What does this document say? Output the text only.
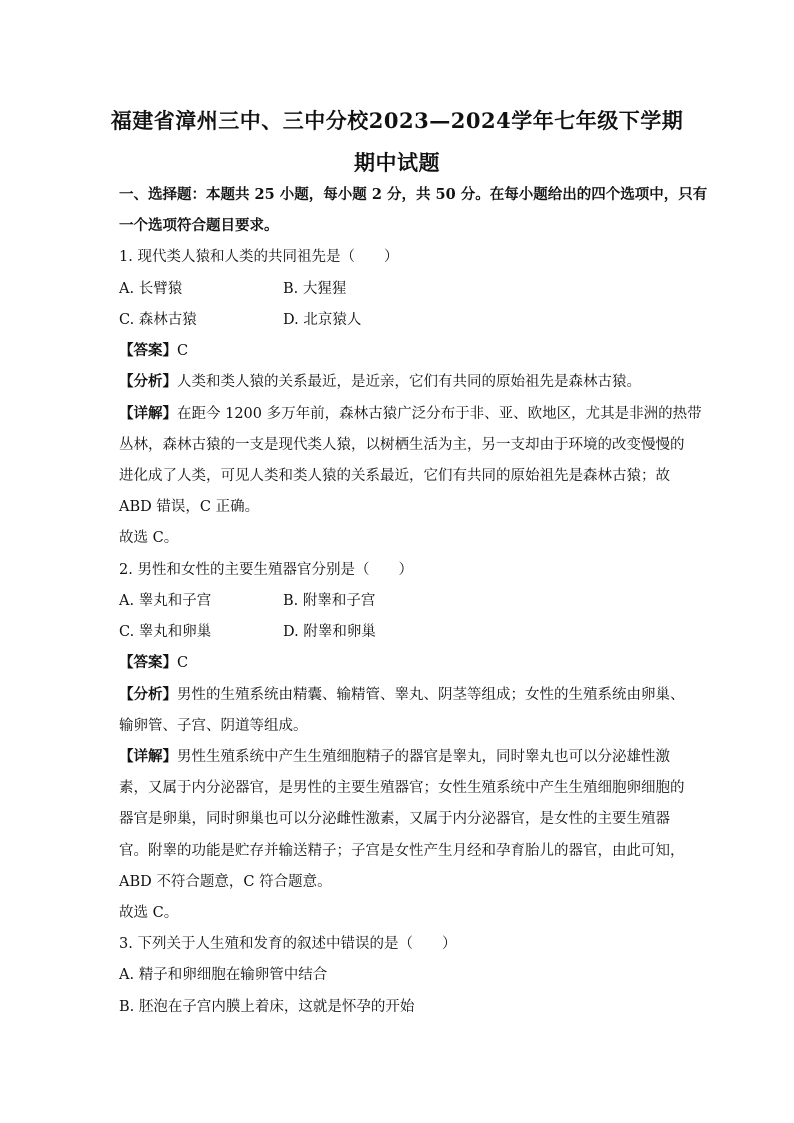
福建省漳州三中、三中分校2023—2024学年七年级下学期
期中试题
一、选择题：本题共 25 小题，每小题 2 分，共 50 分。在每小题给出的四个选项中，只有
一个选项符合题目要求。
1. 现代类人猿和人类的共同祖先是（　　）
A. 长臂猿	B. 大猩猩
C. 森林古猿	D. 北京猿人
【答案】C
【分析】人类和类人猿的关系最近，是近亲，它们有共同的原始祖先是森林古猿。
【详解】在距今 1200 多万年前，森林古猿广泛分布于非、亚、欧地区，尤其是非洲的热带
丛林，森林古猿的一支是现代类人猿，以树栖生活为主，另一支却由于环境的改变慢慢的
进化成了人类，可见人类和类人猿的关系最近，它们有共同的原始祖先是森林古猿；故
ABD 错误，C 正确。
故选 C。
2. 男性和女性的主要生殖器官分别是（　　）
A. 睾丸和子宫	B. 附睾和子宫
C. 睾丸和卵巢	D. 附睾和卵巢
【答案】C
【分析】男性的生殖系统由精囊、输精管、睾丸、阴茎等组成；女性的生殖系统由卵巢、
输卵管、子宫、阴道等组成。
【详解】男性生殖系统中产生生殖细胞精子的器官是睾丸，同时睾丸也可以分泌雄性激
素，又属于内分泌器官，是男性的主要生殖器官；女性生殖系统中产生生殖细胞卵细胞的
器官是卵巢，同时卵巢也可以分泌雌性激素，又属于内分泌器官，是女性的主要生殖器
官。附睾的功能是贮存并输送精子；子宫是女性产生月经和孕育胎儿的器官，由此可知，
ABD 不符合题意，C 符合题意。
故选 C。
3. 下列关于人生殖和发育的叙述中错误的是（　　）
A. 精子和卵细胞在输卵管中结合
B. 胚泡在子宫内膜上着床，这就是怀孕的开始
